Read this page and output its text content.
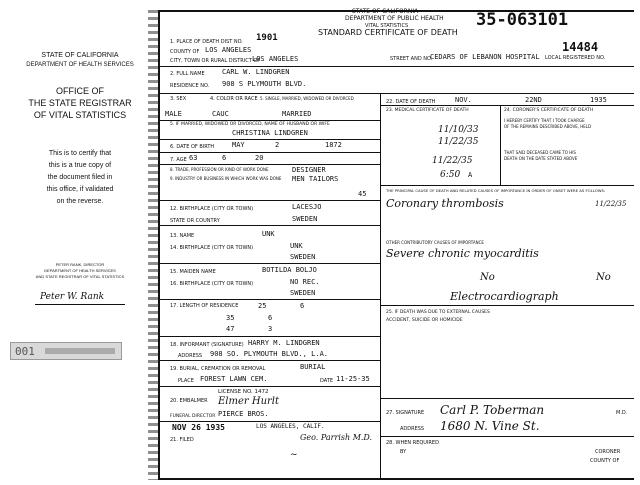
STATE OF CALIFORNIA
DEPARTMENT OF HEALTH SERVICES
OFFICE OF
THE STATE REGISTRAR
OF VITAL STATISTICS
This is to certify that
this is a true copy of
the document filed in
this office, if validated
on the reverse.
PETER RANK, DIRECTOR
DEPARTMENT OF HEALTH SERVICES
AND STATE REGISTRAR OF VITAL STATISTICS
Peter W. Rank
001
STATE OF CALIFORNIA
DEPARTMENT OF PUBLIC HEALTH
VITAL STATISTICS
STANDARD CERTIFICATE OF DEATH
35-063101
14484
LOCAL REGISTERED NO.
1. PLACE OF DEATH DIST NO. 1901
COUNTY OF LOS ANGELES
CITY, TOWN OR RURAL DISTRICT OF
LOS ANGELES	STREET AND NO.
CEDARS OF LEBANON HOSPITAL
2. FULL NAME CARL W. LINDGREN
RESIDENCE NO. 908 S PLYMOUTH BLVD.
3. SEX
MALE
4. COLOR OR RACE
CAUC
5. SINGLE, MARRIED, WIDOWED OR DIVORCED
MARRIED
5. IF MARRIED, WIDOWED OR DIVORCED, NAME OF HUSBAND OR WIFE
CHRISTINA LINDGREN
6. DATE OF BIRTH	MAY	2	1872
7. AGE 63	6	20
8. TRADE, PROFESSION OR KIND OF WORK DONE	DESIGNER
9. INDUSTRY OR BUSINESS IN WHICH WORK WAS DONE MEN TAILORS
45
12. BIRTHPLACE (CITY OR TOWN)	LACESJO
STATE OR COUNTRY	SWEDEN
13. NAME	UNK
14. BIRTHPLACE (CITY OR TOWN)	UNK
SWEDEN
15. MAIDEN NAME	BOTILDA BOLJO
16. BIRTHPLACE (CITY OR TOWN)	NO REC.
SWEDEN
17. LENGTH OF RESIDENCE	25	6
35	6
47	3
18. INFORMANT (SIGNATURE) HARRY M. LINDGREN
ADDRESS 908 SO. PLYMOUTH BLVD., L.A.
19. BURIAL, CREMATION OR REMOVAL	BURIAL
PLACE FOREST LAWN CEM.	DATE 11-25-35
20. EMBALMER
LICENSE NO. 1472
Elmer Hurlt
FUNERAL DIRECTOR PIERCE BROS.
NOV 26 1935	LOS ANGELES, CALIF.
21. FILED	Geo. Parrish M.D.
~
22. DATE OF DEATH	NOV.	22ND	1935
23. MEDICAL CERTIFICATE OF DEATH	24. CORONER'S CERTIFICATE OF DEATH
I HEREBY CERTIFY THAT I TOOK CHARGE
OF THE REMAINS DESCRIBED ABOVE, HELD
THAT SAID DECEASED CAME TO HIS
DEATH ON THE DATE STATED ABOVE
11/10/33
11/22/35
11/22/35
6:50 A
THE PRINCIPAL CAUSE OF DEATH AND RELATED CAUSES OF IMPORTANCE IN ORDER OF ONSET WERE AS FOLLOWS:
Coronary thrombosis	11/22/35
OTHER CONTRIBUTORY CAUSES OF IMPORTANCE
Severe chronic myocarditis
No	No
Electrocardiograph
25. IF DEATH WAS DUE TO EXTERNAL CAUSES
ACCIDENT, SUICIDE OR HOMICIDE
27. SIGNATURE Carl P. Toberman	M.D.
ADDRESS 1680 N. Vine St.
28. WHEN REQUIRED
BY	CORONER
COUNTY OF
